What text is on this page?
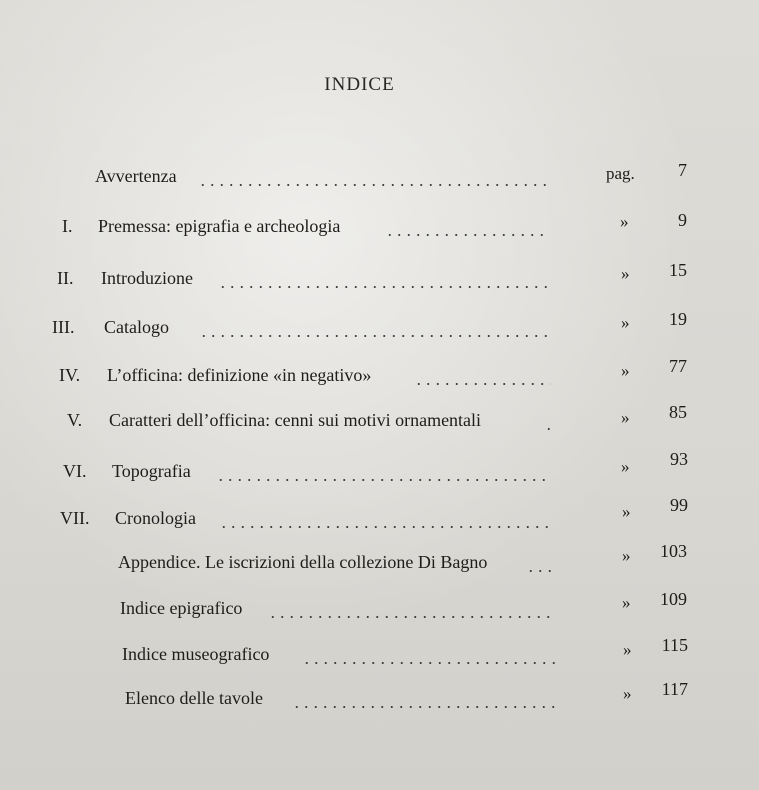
INDICE
Avvertenza	pag.	7
I. Premessa: epigrafia e archeologia	»	9
II. Introduzione	»	15
III. Catalogo	»	19
IV. L’officina: definizione «in negativo»	»	77
V. Caratteri dell’officina: cenni sui motivi ornamentali	»	85
VI. Topografia	»	93
VII. Cronologia	»	99
Appendice. Le iscrizioni della collezione Di Bagno	»	103
Indice epigrafico	»	109
Indice museografico	»	115
Elenco delle tavole	»	117
